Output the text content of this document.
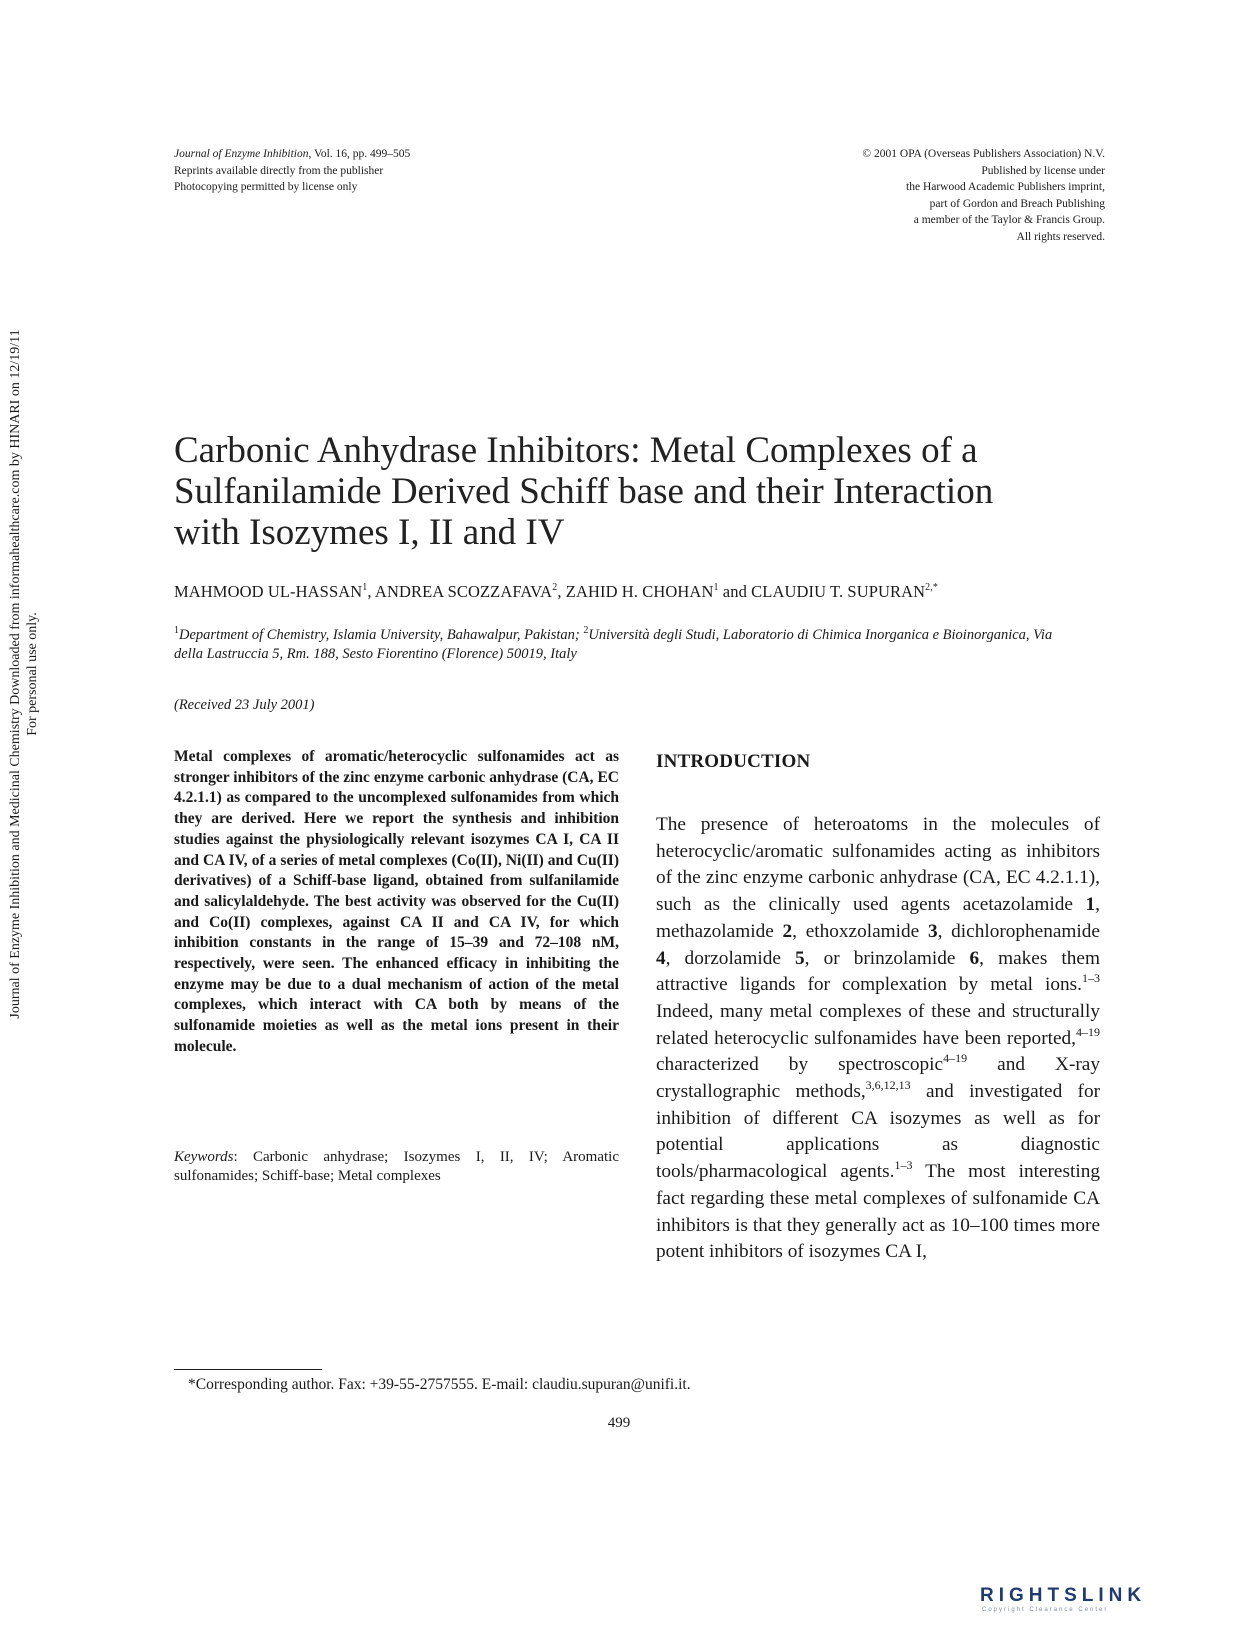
Journal of Enzyme Inhibition, Vol. 16, pp. 499–505
Reprints available directly from the publisher
Photocopying permitted by license only
© 2001 OPA (Overseas Publishers Association) N.V.
Published by license under
the Harwood Academic Publishers imprint,
part of Gordon and Breach Publishing
a member of the Taylor & Francis Group.
All rights reserved.
Journal of Enzyme Inhibition and Medicinal Chemistry Downloaded from informahealthcare.com by HINARI on 12/19/11 For personal use only.
Carbonic Anhydrase Inhibitors: Metal Complexes of a
Sulfanilamide Derived Schiff base and their Interaction
with Isozymes I, II and IV
MAHMOOD UL-HASSAN$^1$, ANDREA SCOZZAFAVA$^2$, ZAHID H. CHOHAN$^1$ and CLAUDIU T. $SUPURAN^{2,*}$
$^1$Department of Chemistry, Islamia University, Bahawalpur, Pakistan; $^2$Università degli Studi, Laboratorio di Chimica Inorganica e Bioinorganica, Via della Lastruccia 5, Rm. 188, Sesto Fiorentino (Florence) 50019, Italy
(Received 23 July 2001)
Metal complexes of aromatic/heterocyclic sulfonamides act as stronger inhibitors of the zinc enzyme carbonic anhydrase (CA, EC 4.2.1.1) as compared to the uncomplexed sulfonamides from which they are derived. Here we report the synthesis and inhibition studies against the physiologically relevant isozymes CA I, CA II and CA IV, of a series of metal complexes (Co(II), Ni(II) and Cu(II) derivatives) of a Schiff-base ligand, obtained from sulfanilamide and salicylaldehyde. The best activity was observed for the Cu(II) and Co(II) complexes, against CA II and CA IV, for which inhibition constants in the range of 15–39 and 72–108 nM, respectively, were seen. The enhanced efficacy in inhibiting the enzyme may be due to a dual mechanism of action of the metal complexes, which interact with CA both by means of the sulfonamide moieties as well as the metal ions present in their molecule.
Keywords: Carbonic anhydrase; Isozymes I, II, IV; Aromatic sulfonamides; Schiff-base; Metal complexes
INTRODUCTION
The presence of heteroatoms in the molecules of heterocyclic/aromatic sulfonamides acting as inhibitors of the zinc enzyme carbonic anhydrase (CA, EC 4.2.1.1), such as the clinically used agents acetazolamide 1, methazolamide 2, ethoxzolamide 3, dichlorophenamide 4, dorzolamide 5, or brinzolamide 6, makes them attractive ligands for complexation by metal ions.$^{1-3}$ Indeed, many metal complexes of these and structurally related heterocyclic sulfonamides have been reported,$^{4-19}$ characterized by spectroscopic$^{4-19}$ and X-ray crystallographic methods,$^{3,6,12,13}$ and investigated for inhibition of different CA isozymes as well as for potential applications as diagnostic tools/pharmacological agents.$^{1-3}$ The most interesting fact regarding these metal complexes of sulfonamide CA inhibitors is that they generally act as 10–100 times more potent inhibitors of isozymes CA I,
*Corresponding author. Fax: +39-55-2757555. E-mail: claudiu.supuran@unifi.it.
499
RIGHTSLINK
Copyright Clearance Center
